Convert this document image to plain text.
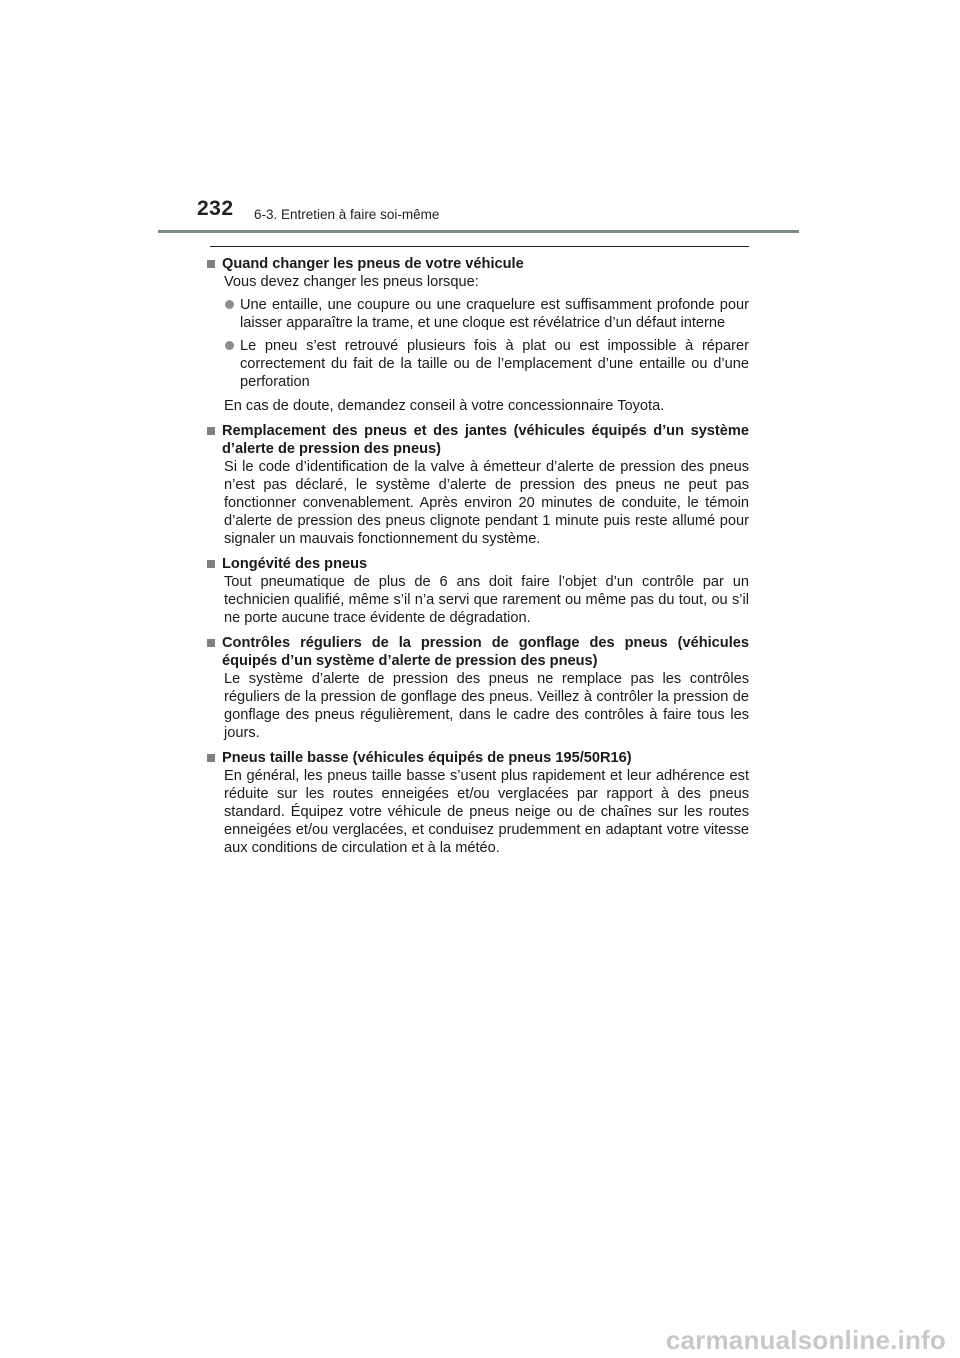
232 6-3. Entretien à faire soi-même
Quand changer les pneus de votre véhicule

Vous devez changer les pneus lorsque:

Une entaille, une coupure ou une craquelure est suffisamment profonde pour laisser apparaître la trame, et une cloque est révélatrice d’un défaut interne
Le pneu s’est retrouvé plusieurs fois à plat ou est impossible à réparer correctement du fait de la taille ou de l’emplacement d’une entaille ou d’une perforation

En cas de doute, demandez conseil à votre concessionnaire Toyota.

Remplacement des pneus et des jantes (véhicules équipés d’un système d’alerte de pression des pneus)

Si le code d’identification de la valve à émetteur d’alerte de pression des pneus n’est pas déclaré, le système d’alerte de pression des pneus ne peut pas fonctionner convenablement. Après environ 20 minutes de conduite, le témoin d’alerte de pression des pneus clignote pendant 1 minute puis reste allumé pour signaler un mauvais fonctionnement du système.

Longévité des pneus

Tout pneumatique de plus de 6 ans doit faire l’objet d’un contrôle par un technicien qualifié, même s’il n’a servi que rarement ou même pas du tout, ou s’il ne porte aucune trace évidente de dégradation.

Contrôles réguliers de la pression de gonflage des pneus (véhicules équipés d’un système d’alerte de pression des pneus)

Le système d’alerte de pression des pneus ne remplace pas les contrôles réguliers de la pression de gonflage des pneus. Veillez à contrôler la pression de gonflage des pneus régulièrement, dans le cadre des contrôles à faire tous les jours.

Pneus taille basse (véhicules équipés de pneus 195/50R16)

En général, les pneus taille basse s’usent plus rapidement et leur adhérence est réduite sur les routes enneigées et/ou verglacées par rapport à des pneus standard. Équipez votre véhicule de pneus neige ou de chaînes sur les routes enneigées et/ou verglacées, et conduisez prudemment en adaptant votre vitesse aux conditions de circulation et à la météo.

carmanualsonline.info
